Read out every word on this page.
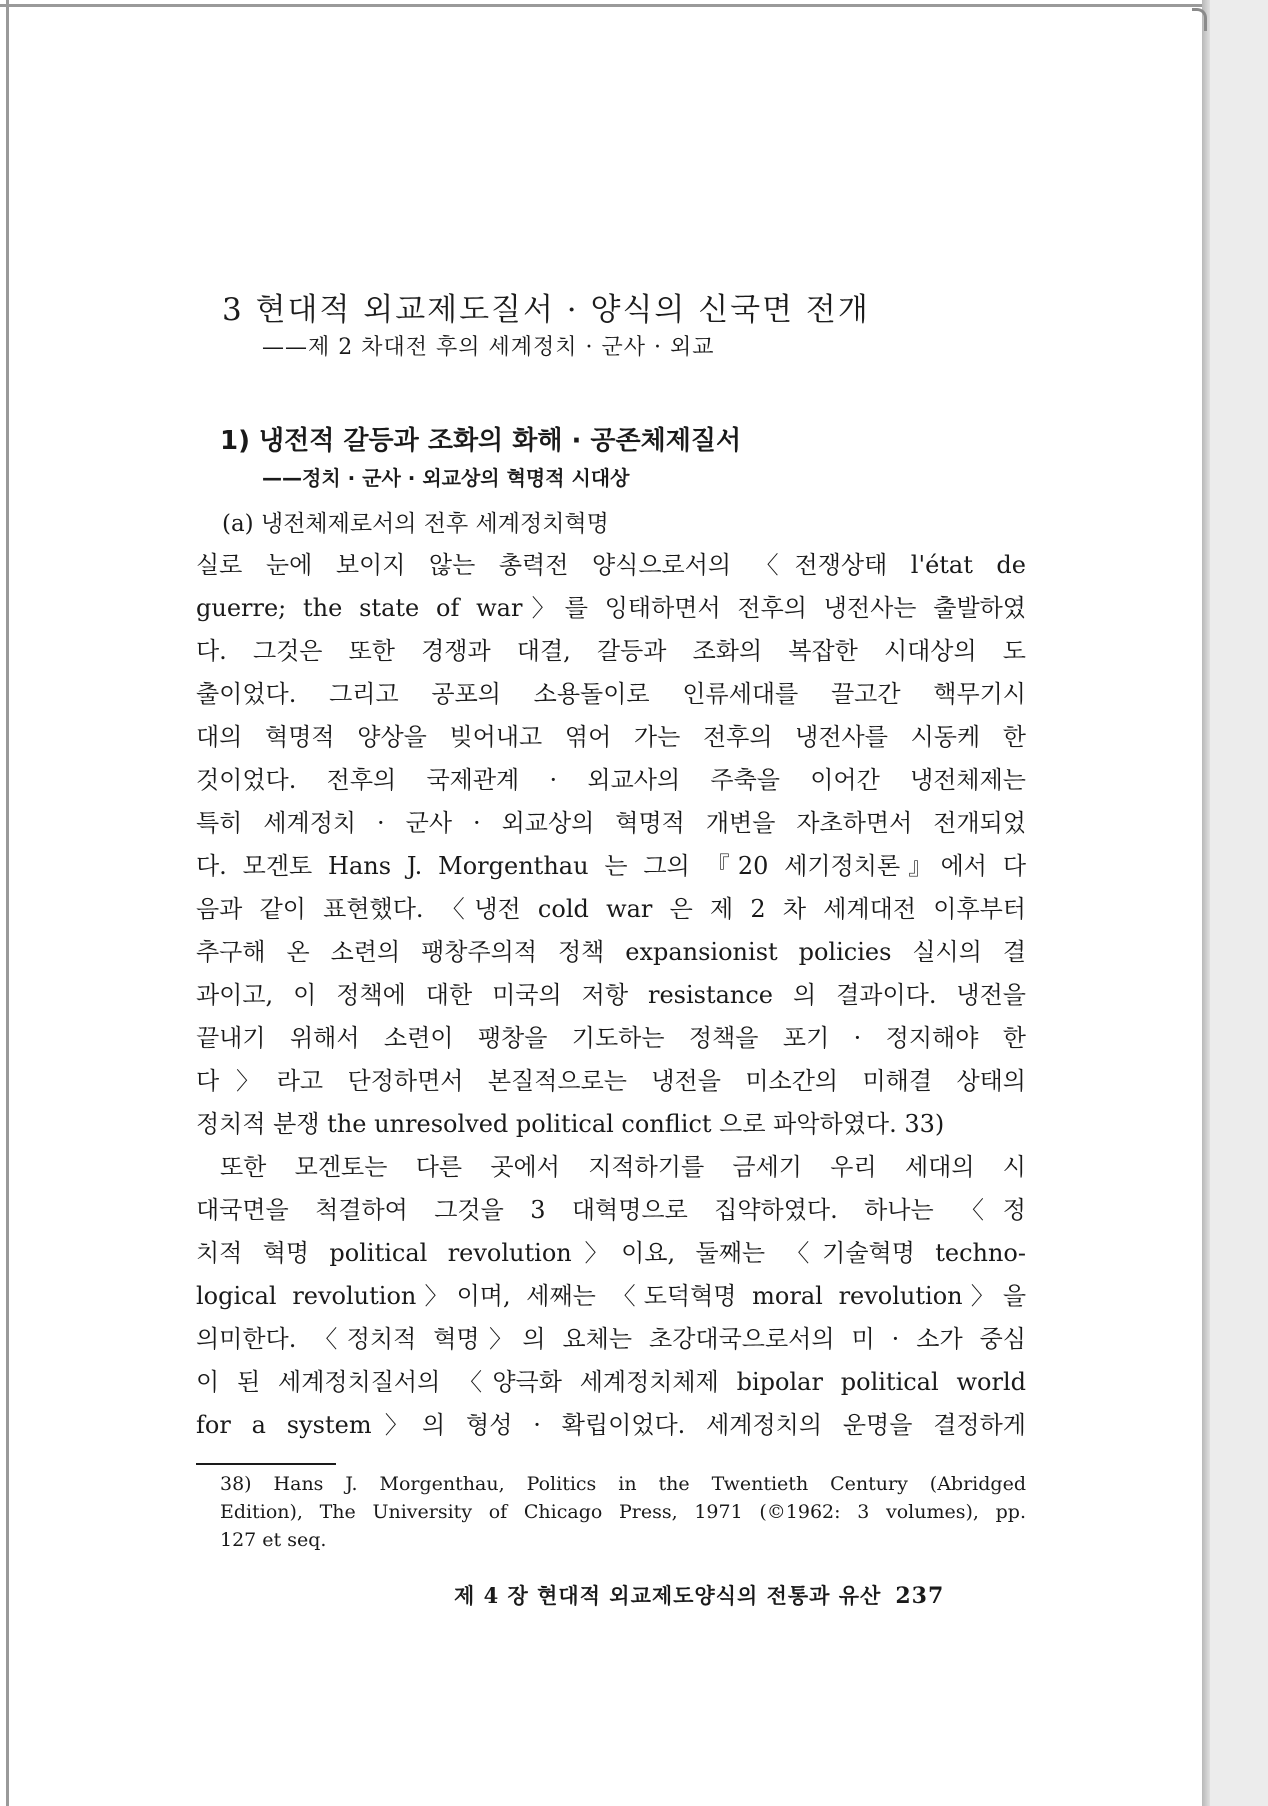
3 현대적 외교제도질서 · 양식의 신국면 전개
——제 2 차대전 후의 세계정치 · 군사 · 외교
1) 냉전적 갈등과 조화의 화해 · 공존체제질서
——정치 · 군사 · 외교상의 혁명적 시대상
(a) 냉전체제로서의 전후 세계정치혁명
실로 눈에 보이지 않는 총력전 양식으로서의 〈전쟁상태 l'état de
guerre; the state of war〉를 잉태하면서 전후의 냉전사는 출발하였
다. 그것은 또한 경쟁과 대결, 갈등과 조화의 복잡한 시대상의 도
출이었다. 그리고 공포의 소용돌이로 인류세대를 끌고간 핵무기시
대의 혁명적 양상을 빚어내고 엮어 가는 전후의 냉전사를 시동케 한
것이었다. 전후의 국제관계 · 외교사의 주축을 이어간 냉전체제는
특히 세계정치 · 군사 · 외교상의 혁명적 개변을 자초하면서 전개되었
다. 모겐토 Hans J. Morgenthau 는 그의 『20 세기정치론』에서 다
음과 같이 표현했다. 〈냉전 cold war 은 제 2 차 세계대전 이후부터
추구해 온 소련의 팽창주의적 정책 expansionist policies 실시의 결
과이고, 이 정책에 대한 미국의 저항 resistance 의 결과이다. 냉전을
끝내기 위해서 소련이 팽창을 기도하는 정책을 포기 · 정지해야 한
다〉라고 단정하면서 본질적으로는 냉전을 미소간의 미해결 상태의
정치적 분쟁 the unresolved political conflict 으로 파악하였다. 33)
또한 모겐토는 다른 곳에서 지적하기를 금세기 우리 세대의 시
대국면을 척결하여 그것을 3 대혁명으로 집약하였다. 하나는 〈정
치적 혁명 political revolution〉이요, 둘째는 〈기술혁명 techno-
logical revolution〉이며, 세째는 〈도덕혁명 moral revolution〉을
의미한다. 〈정치적 혁명〉의 요체는 초강대국으로서의 미 · 소가 중심
이 된 세계정치질서의 〈양극화 세계정치체제 bipolar political world
for a system〉의 형성 · 확립이었다. 세계정치의 운명을 결정하게
38) Hans J. Morgenthau, Politics in the Twentieth Century (Abridged
Edition), The University of Chicago Press, 1971 (©1962: 3 volumes), pp.
127 et seq.
제 4 장 현대적 외교제도양식의 전통과 유산 237
